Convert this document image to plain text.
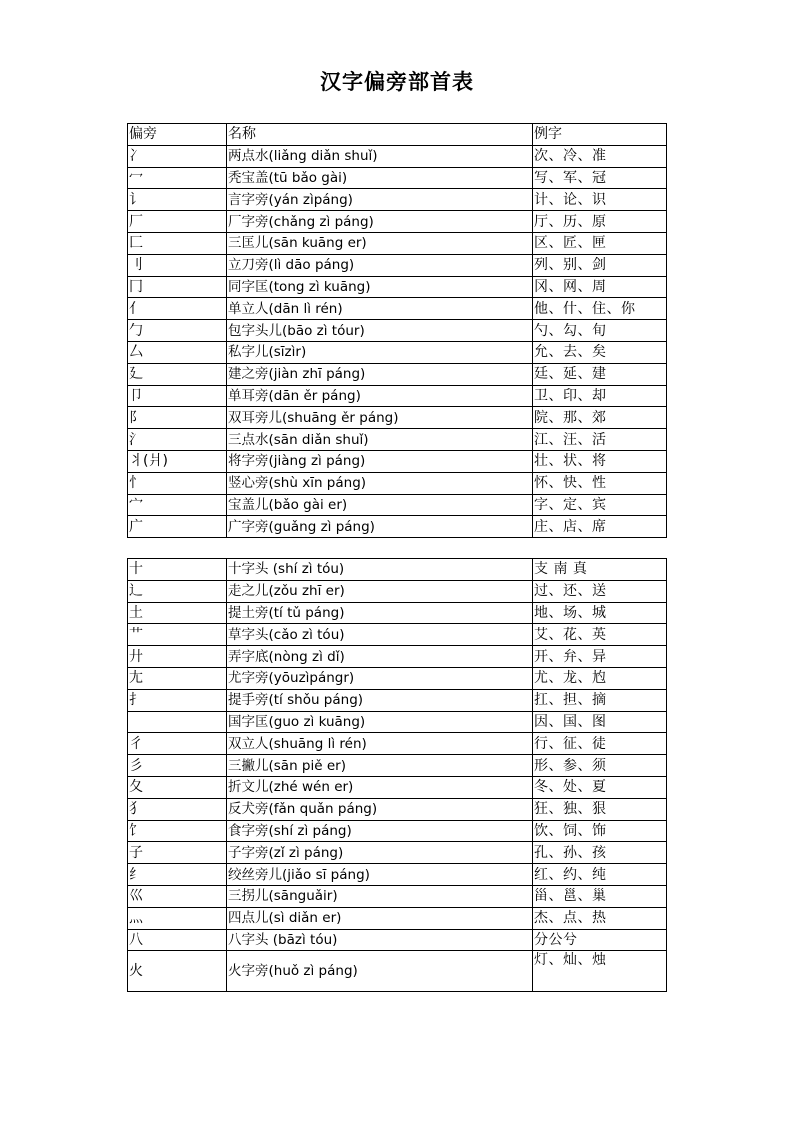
汉字偏旁部首表
偏旁	名称	例字
冫	两点水(liǎng diǎn shuǐ)	次、冷、准
冖	秃宝盖(tū bǎo gài)	写、军、冠
讠	言字旁(yán zìpáng)	计、论、识
厂	厂字旁(chǎng zì páng)	厅、历、原
匚	三匡儿(sān kuāng er)	区、匠、匣
刂	立刀旁(lì dāo páng)	列、别、剑
冂	同字匡(tong zì kuāng)	冈、网、周
亻	单立人(dān lì rén)	他、什、住、你
勹	包字头儿(bāo zì tóur)	勺、勾、旬
厶	私字儿(sīzìr)	允、去、矣
廴	建之旁(jiàn zhī páng)	廷、延、建
卩	单耳旁(dān ěr páng)	卫、印、却
阝	双耳旁儿(shuāng ěr páng)	院、那、郊
氵	三点水(sān diǎn shuǐ)	江、汪、活
丬(爿)	将字旁(jiàng zì páng)	壮、状、将
忄	竖心旁(shù xīn páng)	怀、快、性
宀	宝盖儿(bǎo gài er)	字、定、宾
广	广字旁(guǎng zì páng)	庄、店、席
十	十字头 (shí zì tóu)	支 南 真
辶	走之儿(zǒu zhī er)	过、还、送
土	提土旁(tí tǔ páng)	地、场、城
艹	草字头(cǎo zì tóu)	艾、花、英
廾	弄字底(nòng zì dǐ)	开、弁、异
尢	尤字旁(yōuzìpángr)	尤、龙、尥
扌	提手旁(tí shǒu páng)	扛、担、摘
	国字匡(guo zì kuāng)	因、国、图
彳	双立人(shuāng lì rén)	行、征、徒
彡	三撇儿(sān piě er)	形、参、须
夂	折文儿(zhé wén er)	冬、处、夏
犭	反犬旁(fǎn quǎn páng)	狂、独、狠
饣	食字旁(shí zì páng)	饮、饲、饰
子	子字旁(zǐ zì páng)	孔、孙、孩
纟	绞丝旁儿(jiǎo sī páng)	红、约、纯
巛	三拐儿(sānguǎir)	甾、邕、巢
灬	四点儿(sì diǎn er)	杰、点、热
八	八字头 (bāzì tóu)	分公兮
火	火字旁(huǒ zì páng)	灯、灿、烛
